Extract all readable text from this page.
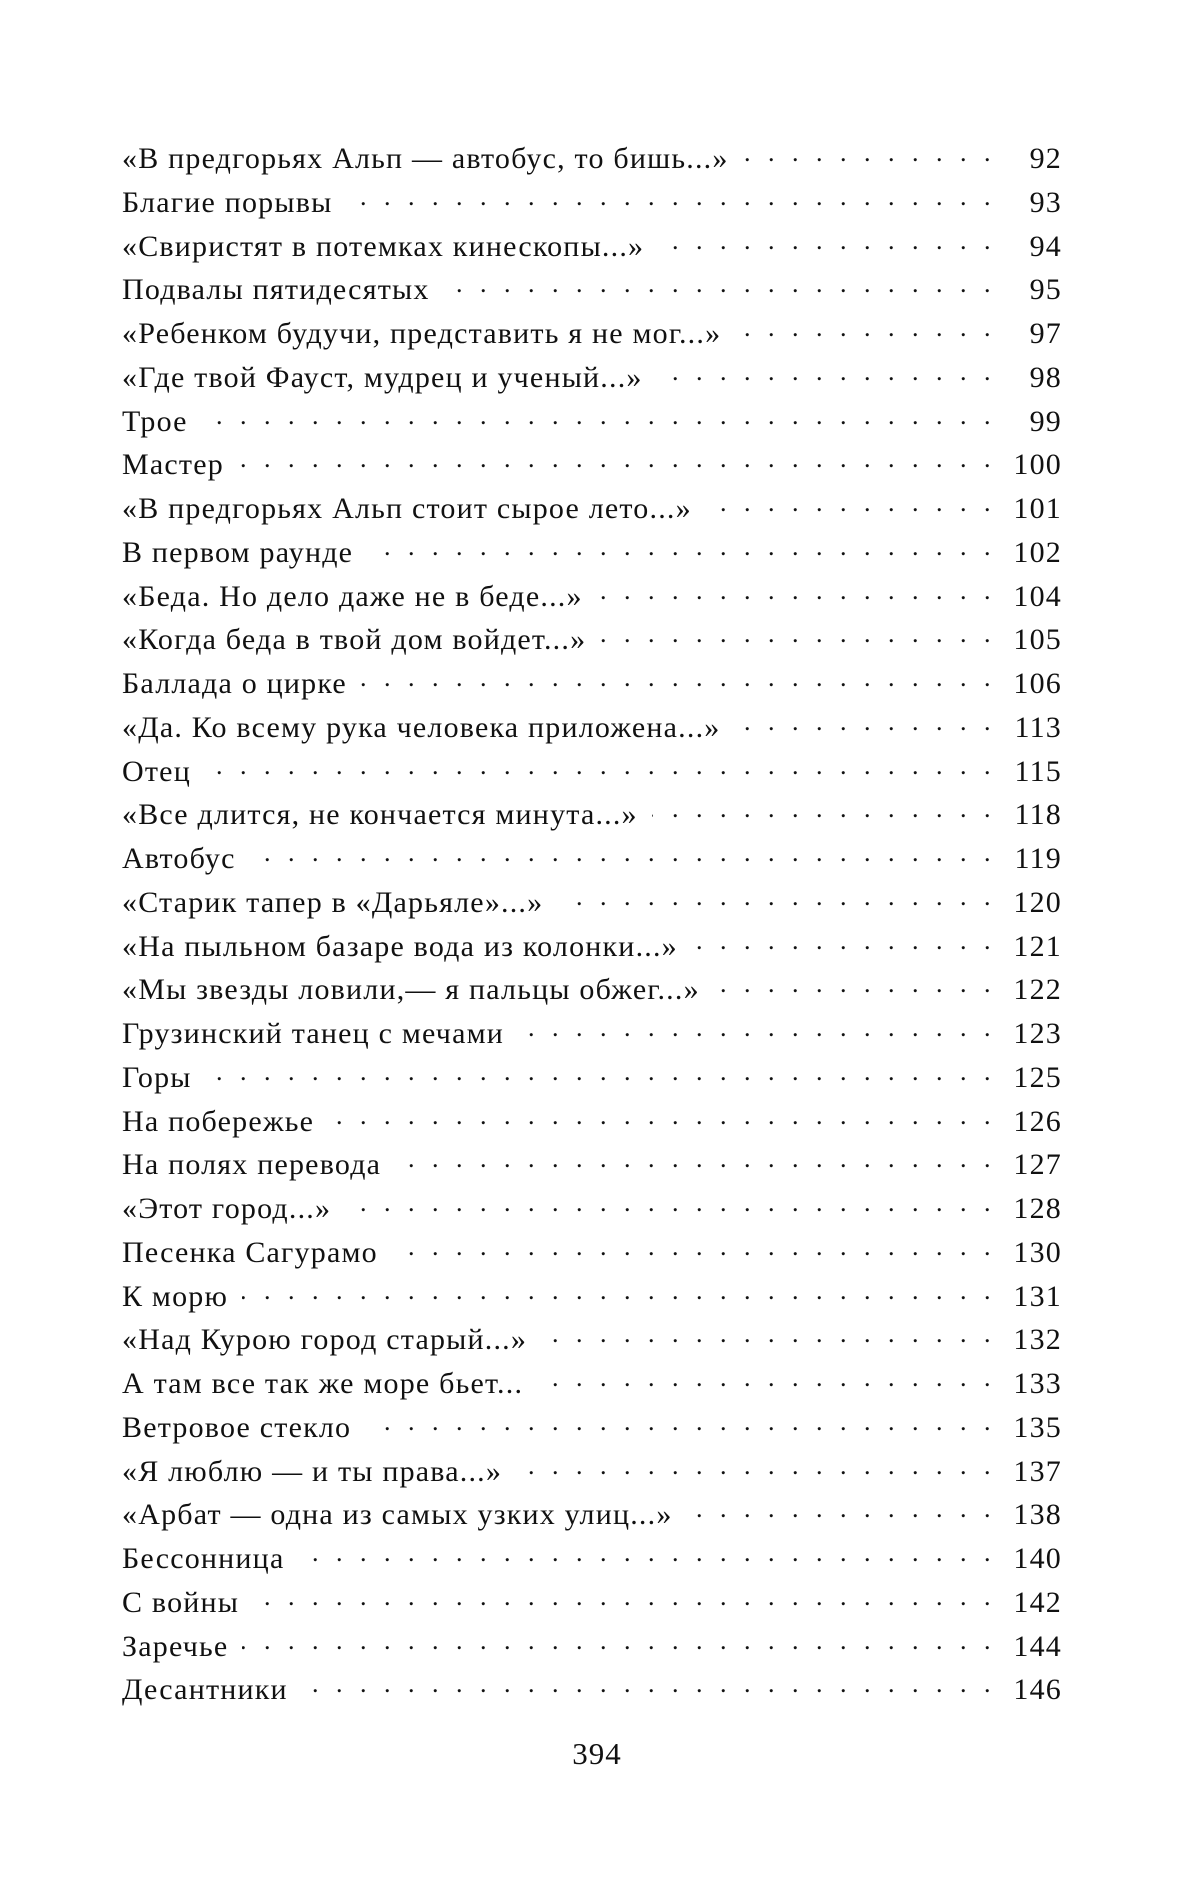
«В предгорьях Альп — автобус, то бишь...» . . .	92
Благие порывы . . .	93
«Свиристят в потемках кинескопы...» . . .	94
Подвалы пятидесятых . . .	95
«Ребенком будучи, представить я не мог...» . . .	97
«Где твой Фауст, мудрец и ученый...» . . .	98
Трое . . .	99
Мастер . . .	100
«В предгорьях Альп стоит сырое лето...» . . .	101
В первом раунде . . .	102
«Беда. Но дело даже не в беде...» . . .	104
«Когда беда в твой дом войдет...» . . .	105
Баллада о цирке . . .	106
«Да. Ко всему рука человека приложена...» . . .	113
Отец . . .	115
«Все длится, не кончается минута...» . . .	118
Автобус . . .	119
«Старик тапер в «Дарьяле»...» . . .	120
«На пыльном базаре вода из колонки...» . . .	121
«Мы звезды ловили,— я пальцы обжег...» . . .	122
Грузинский танец с мечами . . .	123
Горы . . .	125
На побережье . . .	126
На полях перевода . . .	127
«Этот город...» . . .	128
Песенка Сагурамо . . .	130
К морю . . .	131
«Над Курою город старый...» . . .	132
А там все так же море бьет... . . .	133
Ветровое стекло . . .	135
«Я люблю — и ты права...» . . .	137
«Арбат — одна из самых узких улиц...» . . .	138
Бессонница . . .	140
С войны . . .	142
Заречье . . .	144
Десантники . . .	146
394
